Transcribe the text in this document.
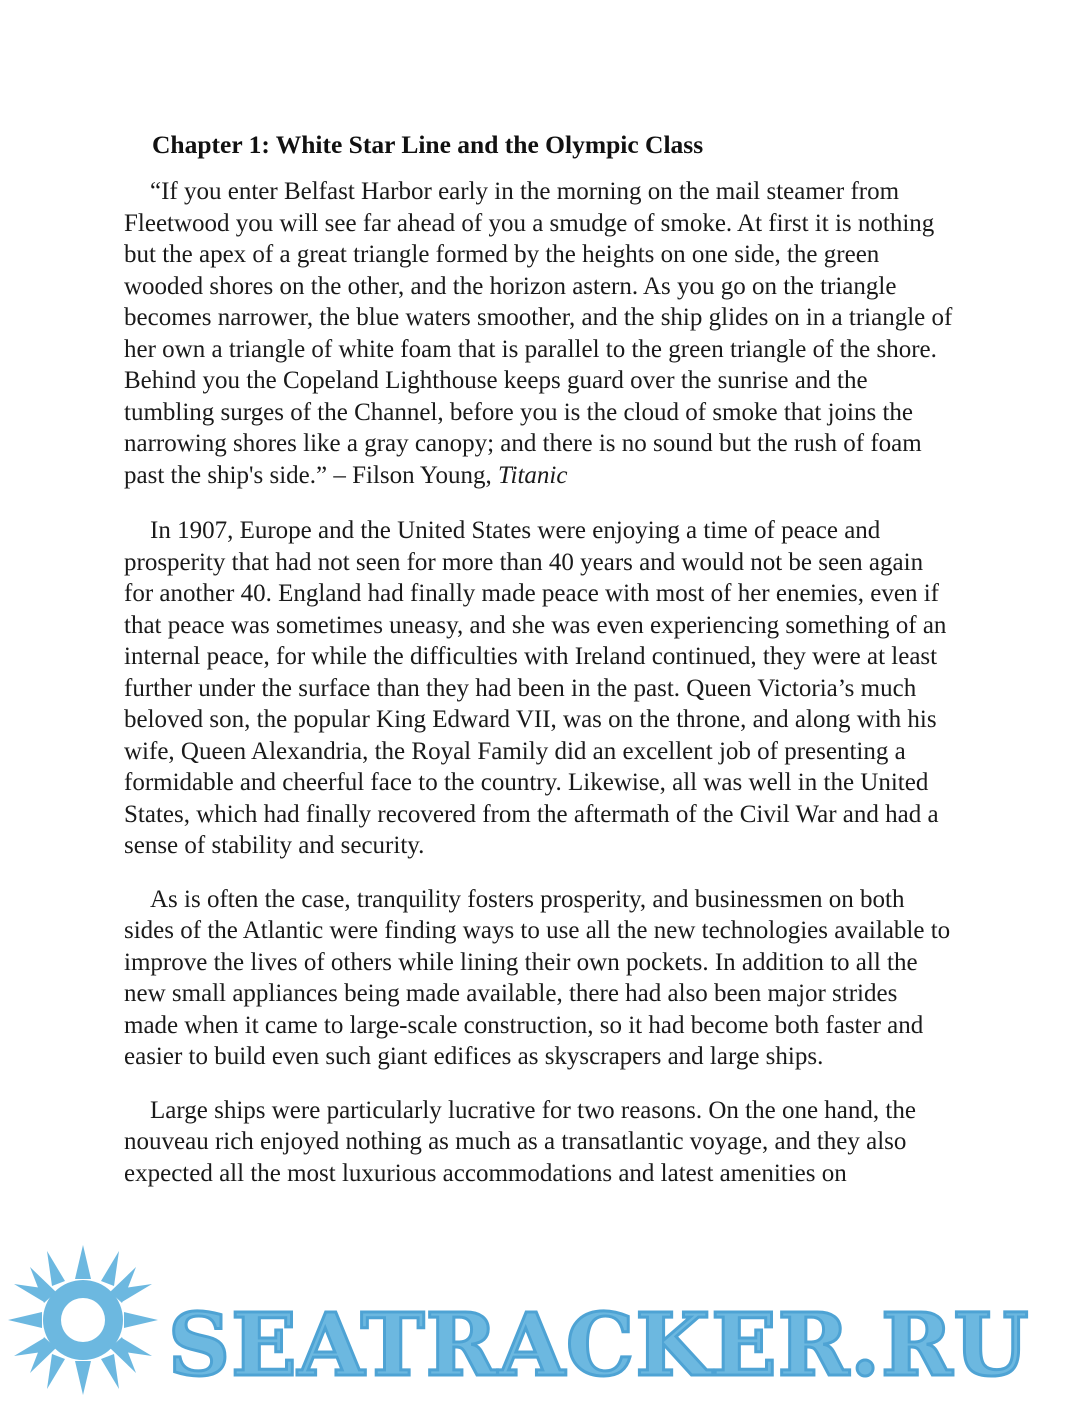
Chapter 1: White Star Line and the Olympic Class

“If you enter Belfast Harbor early in the morning on the mail steamer from Fleetwood you will see far ahead of you a smudge of smoke. At first it is nothing but the apex of a great triangle formed by the heights on one side, the green wooded shores on the other, and the horizon astern. As you go on the triangle becomes narrower, the blue waters smoother, and the ship glides on in a triangle of her own a triangle of white foam that is parallel to the green triangle of the shore. Behind you the Copeland Lighthouse keeps guard over the sunrise and the tumbling surges of the Channel, before you is the cloud of smoke that joins the narrowing shores like a gray canopy; and there is no sound but the rush of foam past the ship's side.” – Filson Young, Titanic

In 1907, Europe and the United States were enjoying a time of peace and prosperity that had not seen for more than 40 years and would not be seen again for another 40. England had finally made peace with most of her enemies, even if that peace was sometimes uneasy, and she was even experiencing something of an internal peace, for while the difficulties with Ireland continued, they were at least further under the surface than they had been in the past. Queen Victoria’s much beloved son, the popular King Edward VII, was on the throne, and along with his wife, Queen Alexandria, the Royal Family did an excellent job of presenting a formidable and cheerful face to the country. Likewise, all was well in the United States, which had finally recovered from the aftermath of the Civil War and had a sense of stability and security.

As is often the case, tranquility fosters prosperity, and businessmen on both sides of the Atlantic were finding ways to use all the new technologies available to improve the lives of others while lining their own pockets. In addition to all the new small appliances being made available, there had also been major strides made when it came to large-scale construction, so it had become both faster and easier to build even such giant edifices as skyscrapers and large ships.

Large ships were particularly lucrative for two reasons. On the one hand, the nouveau rich enjoyed nothing as much as a transatlantic voyage, and they also expected all the most luxurious accommodations and latest amenities on

SEATRACKER.RU
